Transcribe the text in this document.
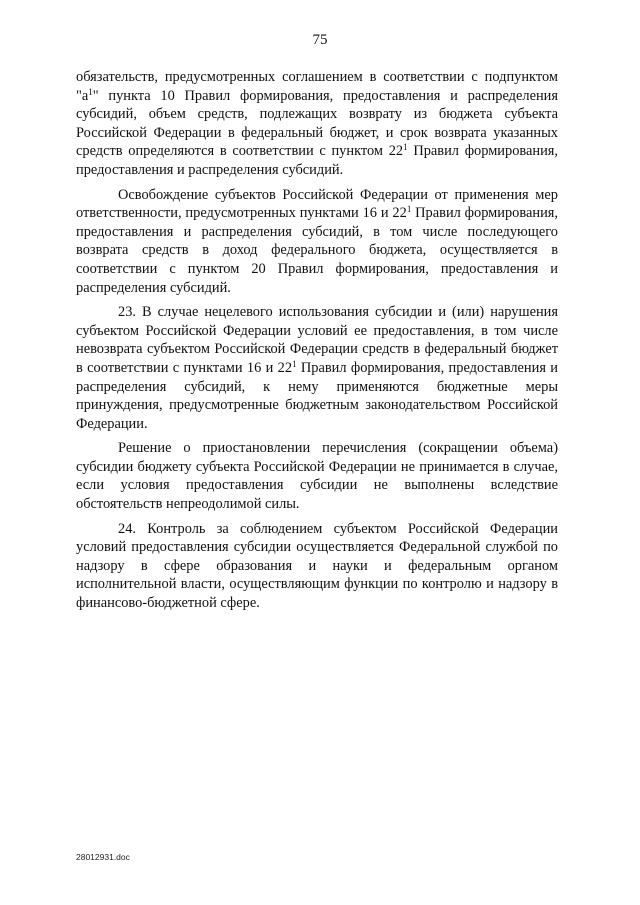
75

обязательств, предусмотренных соглашением в соответствии с подпунктом "$а^1$" пункта 10 Правил формирования, предоставления и распределения субсидий, объем средств, подлежащих возврату из бюджета субъекта Российской Федерации в федеральный бюджет, и срок возврата указанных средств определяются в соответствии с пунктом $22^1$ Правил формирования, предоставления и распределения субсидий.

Освобождение субъектов Российской Федерации от применения мер ответственности, предусмотренных пунктами 16 и $22^1$ Правил формирования, предоставления и распределения субсидий, в том числе последующего возврата средств в доход федерального бюджета, осуществляется в соответствии с пунктом 20 Правил формирования, предоставления и распределения субсидий.

23. В случае нецелевого использования субсидии и (или) нарушения субъектом Российской Федерации условий ее предоставления, в том числе невозврата субъектом Российской Федерации средств в федеральный бюджет в соответствии с пунктами 16 и $22^1$ Правил формирования, предоставления и распределения субсидий, к нему применяются бюджетные меры принуждения, предусмотренные бюджетным законодательством Российской Федерации.

Решение о приостановлении перечисления (сокращении объема) субсидии бюджету субъекта Российской Федерации не принимается в случае, если условия предоставления субсидии не выполнены вследствие обстоятельств непреодолимой силы.

24. Контроль за соблюдением субъектом Российской Федерации условий предоставления субсидии осуществляется Федеральной службой по надзору в сфере образования и науки и федеральным органом исполнительной власти, осуществляющим функции по контролю и надзору в финансово-бюджетной сфере.

28012931.doc
